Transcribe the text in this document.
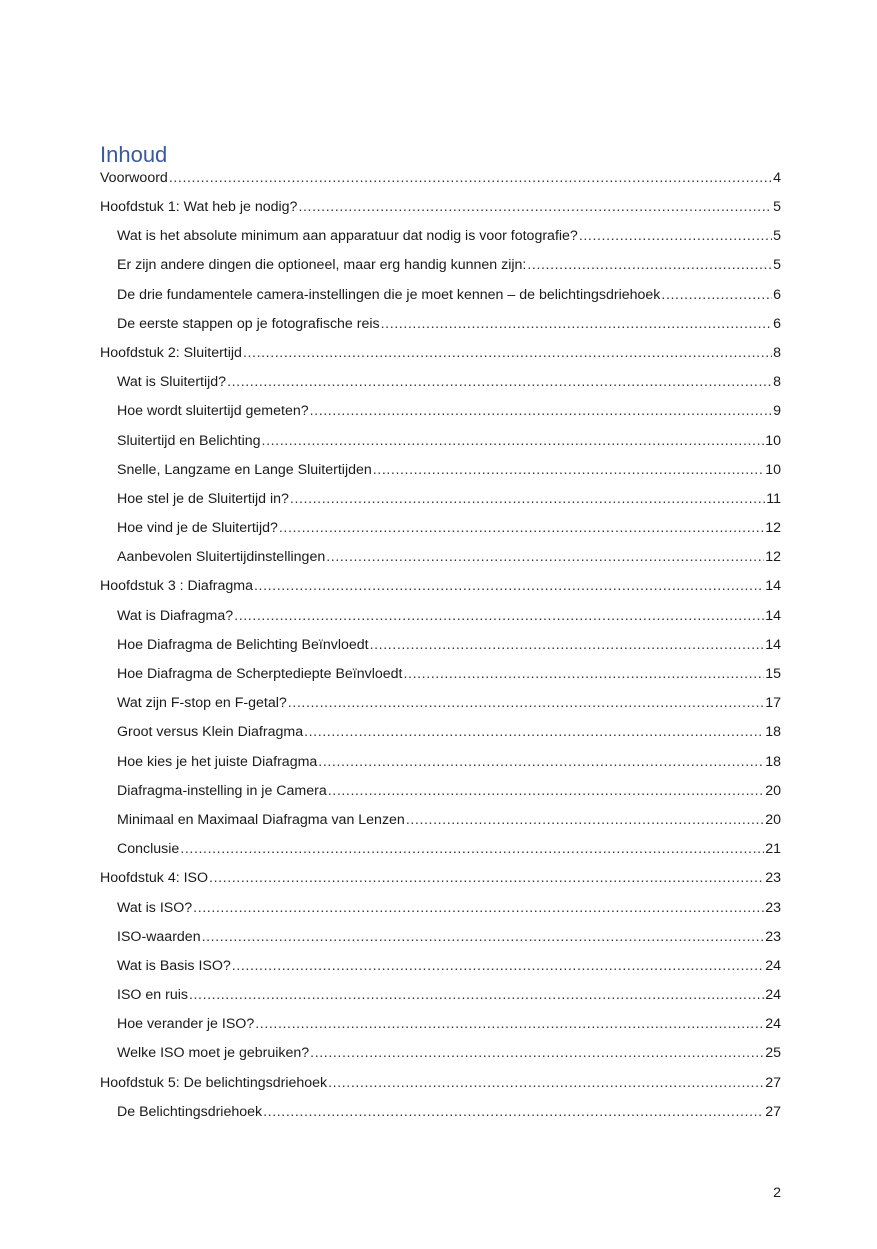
Inhoud
Voorwoord .....	4
Hoofdstuk 1: Wat heb je nodig? .....	5
Wat is het absolute minimum aan apparatuur dat nodig is voor fotografie? .....	5
Er zijn andere dingen die optioneel, maar erg handig kunnen zijn: .....	5
De drie fundamentele camera-instellingen die je moet kennen – de belichtingsdriehoek .....	6
De eerste stappen op je fotografische reis .....	6
Hoofdstuk 2: Sluitertijd .....	8
Wat is Sluitertijd? .....	8
Hoe wordt sluitertijd gemeten? .....	9
Sluitertijd en Belichting .....	10
Snelle, Langzame en Lange Sluitertijden .....	10
Hoe stel je de Sluitertijd in? .....	11
Hoe vind je de Sluitertijd? .....	12
Aanbevolen Sluitertijdinstellingen .....	12
Hoofdstuk 3 : Diafragma .....	14
Wat is Diafragma? .....	14
Hoe Diafragma de Belichting Beïnvloedt .....	14
Hoe Diafragma de Scherptediepte Beïnvloedt .....	15
Wat zijn F-stop en F-getal? .....	17
Groot versus Klein Diafragma .....	18
Hoe kies je het juiste Diafragma .....	18
Diafragma-instelling in je Camera .....	20
Minimaal en Maximaal Diafragma van Lenzen .....	20
Conclusie .....	21
Hoofdstuk 4: ISO .....	23
Wat is ISO? .....	23
ISO-waarden .....	23
Wat is Basis ISO? .....	24
ISO en ruis .....	24
Hoe verander je ISO? .....	24
Welke ISO moet je gebruiken? .....	25
Hoofdstuk 5: De belichtingsdriehoek .....	27
De Belichtingsdriehoek .....	27
2
